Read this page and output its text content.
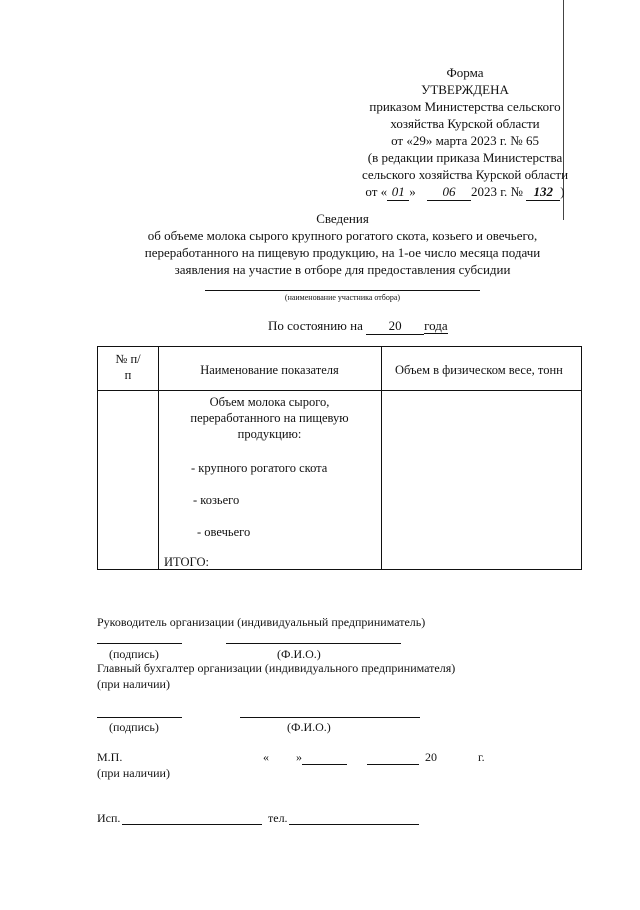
Форма
УТВЕРЖДЕНА
приказом Министерства сельского
хозяйства Курской области
от «29» марта 2023 г. № 65
(в редакции приказа Министерства
сельского хозяйства Курской области
от « 01 » 06 2023 г. № 132 )
Сведения
об объеме молока сырого крупного рогатого скота, козьего и овечьего,
переработанного на пищевую продукцию, на 1-ое число месяца подачи
заявления на участие в отборе для предоставления субсидии
(наименование участника отбора)
По состоянию на 20 года
№ п/п	Наименование показателя	Объем в физическом весе, тонн
Объем молока сырого,
переработанного на пищевую
продукцию:
- крупного рогатого скота
- козьего
- овечьего
ИТОГО:
Руководитель организации (индивидуальный предприниматель)
(подпись)	(Ф.И.О.)
Главный бухгалтер организации (индивидуального предпринимателя)
(при наличии)
(подпись)	(Ф.И.О.)
М.П.
(при наличии)
« »	20	г.
Исп.	тел.
